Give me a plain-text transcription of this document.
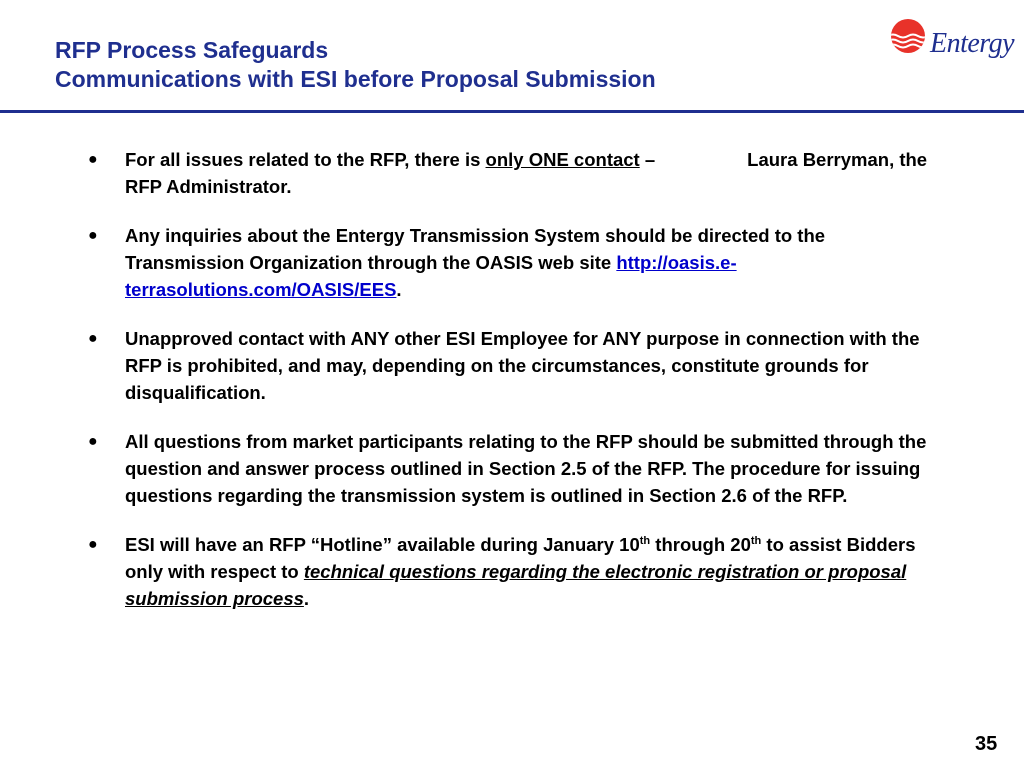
RFP Process Safeguards
Communications with ESI before Proposal Submission
Entergy
● For all issues related to the RFP, there is only ONE contact –	Laura Berryman, the RFP Administrator.
● Any inquiries about the Entergy Transmission System should be directed to the Transmission Organization through the OASIS web site http://oasis.e-terrasolutions.com/OASIS/EES.
● Unapproved contact with ANY other ESI Employee for ANY purpose in connection with the RFP is prohibited, and may, depending on the circumstances, constitute grounds for disqualification.
● All questions from market participants relating to the RFP should be submitted through the question and answer process outlined in Section 2.5 of the RFP. The procedure for issuing questions regarding the transmission system is outlined in Section 2.6 of the RFP.
● ESI will have an RFP “Hotline” available during January 10th through 20th to assist Bidders only with respect to technical questions regarding the electronic registration or proposal submission process.
35
